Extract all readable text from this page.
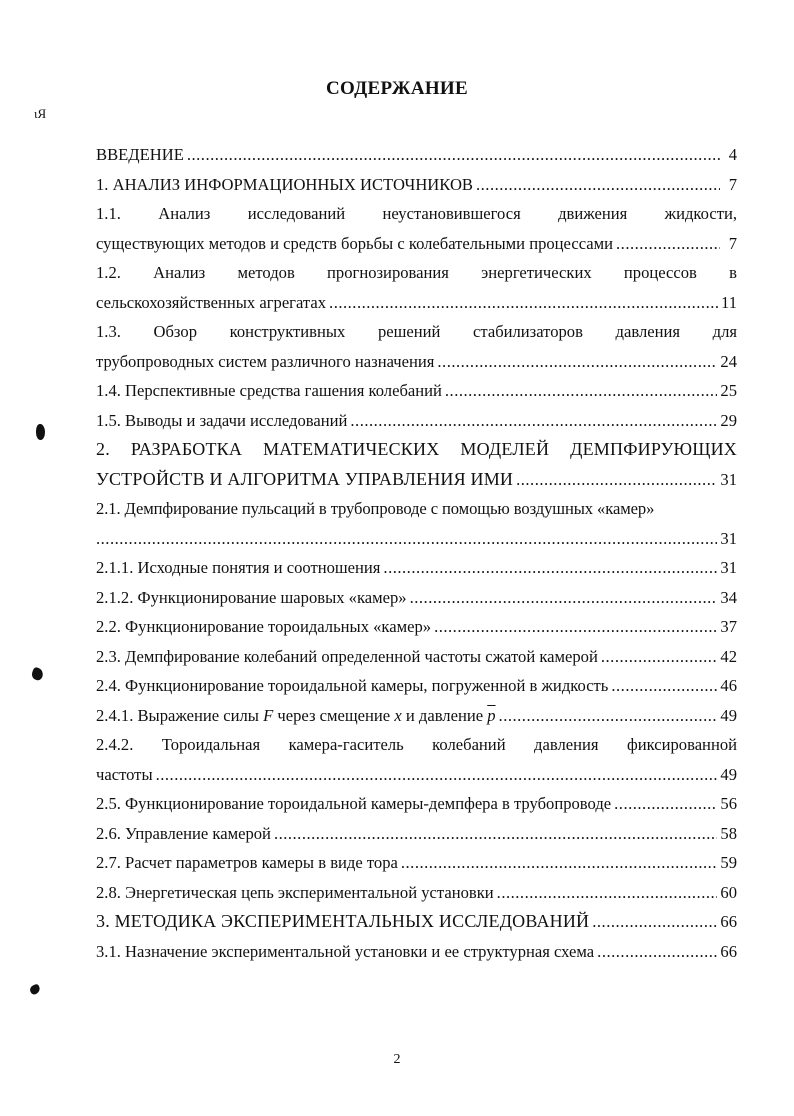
СОДЕРЖАНИЕ
ɩЯ
ВВЕДЕНИЕ .....	4
1. АНАЛИЗ ИНФОРМАЦИОННЫХ ИСТОЧНИКОВ .....	7
1.1. Анализ исследований неустановившегося движения жидкости,
существующих методов и средств борьбы с колебательными процессами .....	7
1.2. Анализ методов прогнозирования энергетических процессов в
сельскохозяйственных агрегатах .....	11
1.3. Обзор конструктивных решений стабилизаторов давления для
трубопроводных систем различного назначения .....	24
1.4. Перспективные средства гашения колебаний .....	25
1.5. Выводы и задачи исследований .....	29
2. РАЗРАБОТКА МАТЕМАТИЧЕСКИХ МОДЕЛЕЙ ДЕМПФИРУЮЩИХ
УСТРОЙСТВ И АЛГОРИТМА УПРАВЛЕНИЯ ИМИ .....	31
2.1. Демпфирование пульсаций в трубопроводе с помощью воздушных «камер»
.....
31
2.1.1. Исходные понятия и соотношения .....	31
2.1.2. Функционирование шаровых «камер» .....	34
2.2. Функционирование тороидальных «камер» .....	37
2.3. Демпфирование колебаний определенной частоты сжатой камерой .....	42
2.4. Функционирование тороидальной камеры, погруженной в жидкость .....	46
2.4.1. Выражение силы F через смещение x и давление $\overline{p}$ .....	49
2.4.2. Тороидальная камера-гаситель колебаний давления фиксированной
частоты .....	49
2.5. Функционирование тороидальной камеры-демпфера в трубопроводе .....	56
2.6. Управление камерой .....	58
2.7. Расчет параметров камеры в виде тора .....	59
2.8. Энергетическая цепь экспериментальной установки .....	60
3. МЕТОДИКА ЭКСПЕРИМЕНТАЛЬНЫХ ИССЛЕДОВАНИЙ .....	66
3.1. Назначение экспериментальной установки и ее структурная схема .....	66
2
